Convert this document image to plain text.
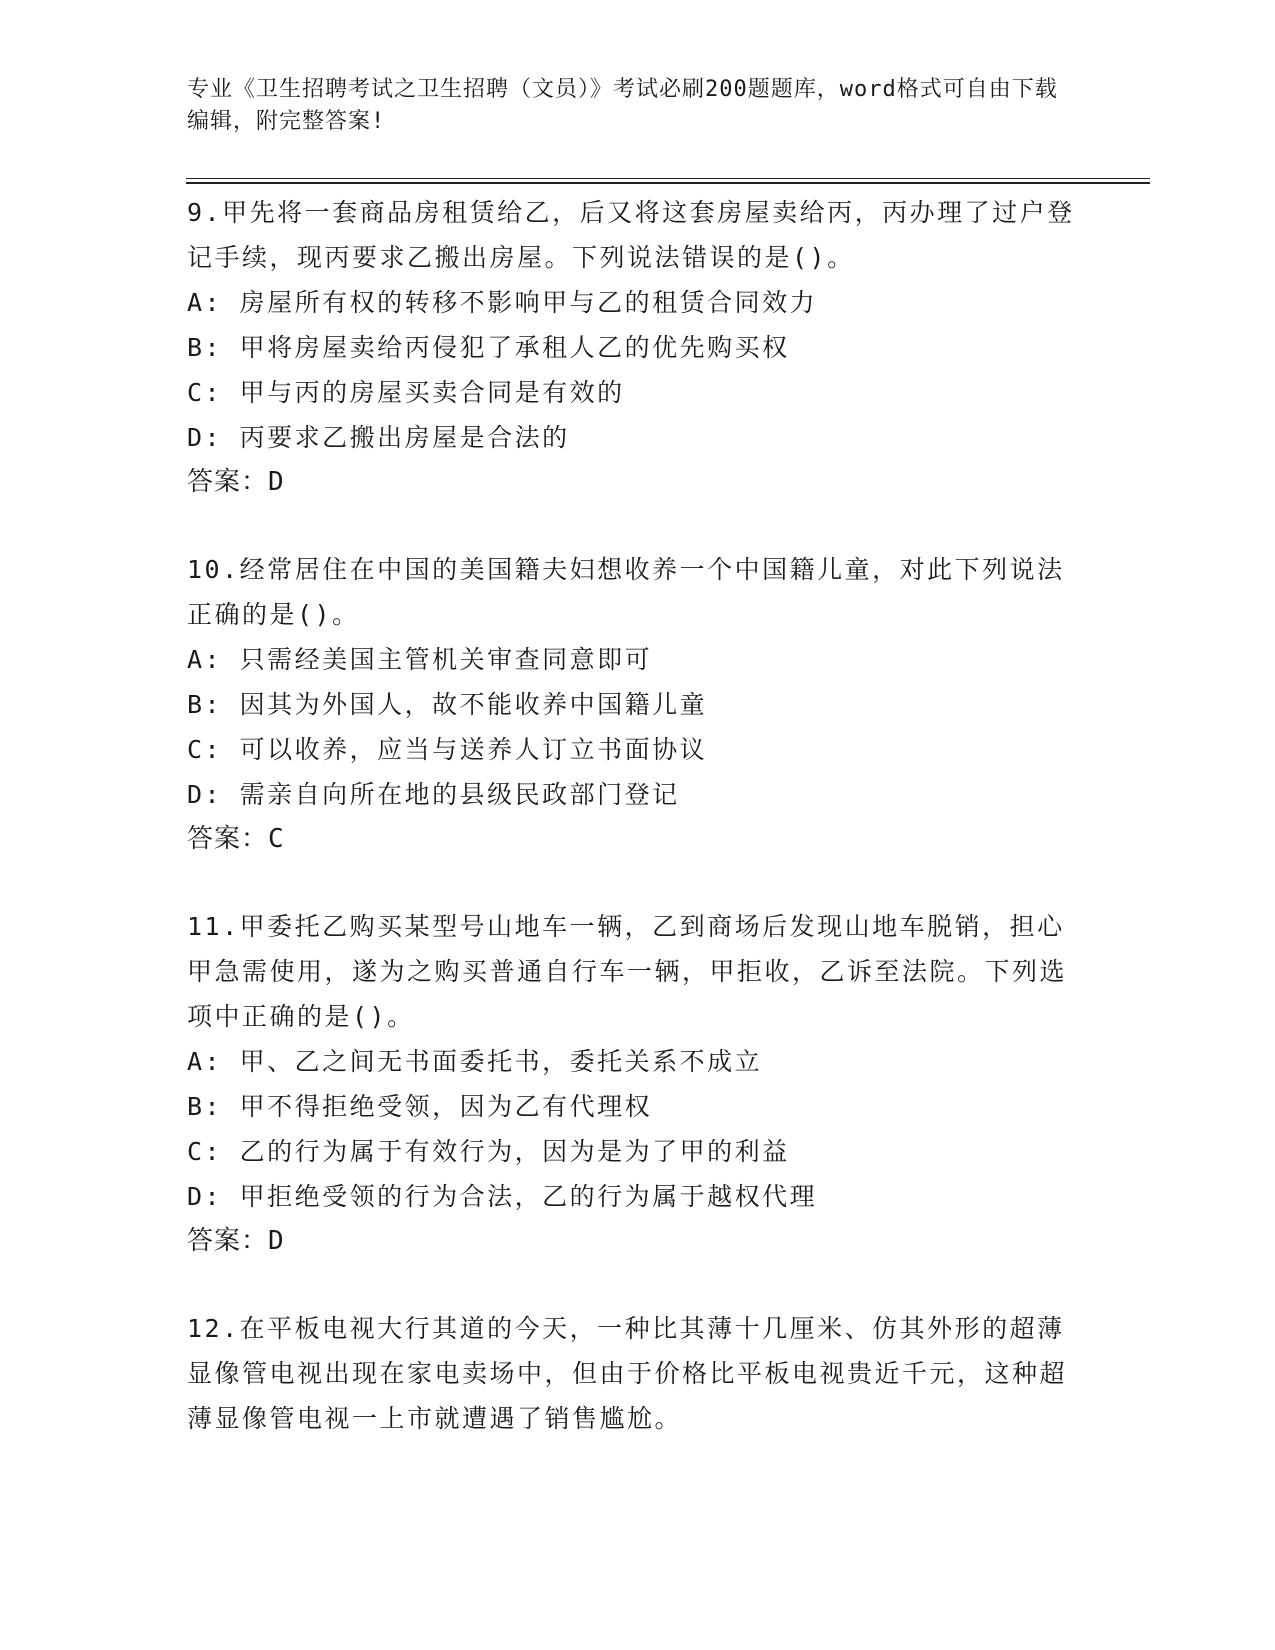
专业《卫生招聘考试之卫生招聘（文员）》考试必刷200题题库，word格式可自由下载编辑，附完整答案!
9.甲先将一套商品房租赁给乙，后又将这套房屋卖给丙，丙办理了过户登记手续，现丙要求乙搬出房屋。下列说法错误的是()。
A: 房屋所有权的转移不影响甲与乙的租赁合同效力
B: 甲将房屋卖给丙侵犯了承租人乙的优先购买权
C: 甲与丙的房屋买卖合同是有效的
D: 丙要求乙搬出房屋是合法的
答案：D
10.经常居住在中国的美国籍夫妇想收养一个中国籍儿童，对此下列说法正确的是()。
A: 只需经美国主管机关审查同意即可
B: 因其为外国人，故不能收养中国籍儿童
C: 可以收养，应当与送养人订立书面协议
D: 需亲自向所在地的县级民政部门登记
答案：C
11.甲委托乙购买某型号山地车一辆，乙到商场后发现山地车脱销，担心甲急需使用，遂为之购买普通自行车一辆，甲拒收，乙诉至法院。下列选项中正确的是()。
A: 甲、乙之间无书面委托书，委托关系不成立
B: 甲不得拒绝受领，因为乙有代理权
C: 乙的行为属于有效行为，因为是为了甲的利益
D: 甲拒绝受领的行为合法，乙的行为属于越权代理
答案：D
12.在平板电视大行其道的今天，一种比其薄十几厘米、仿其外形的超薄显像管电视出现在家电卖场中，但由于价格比平板电视贵近千元，这种超薄显像管电视一上市就遭遇了销售尴尬。
